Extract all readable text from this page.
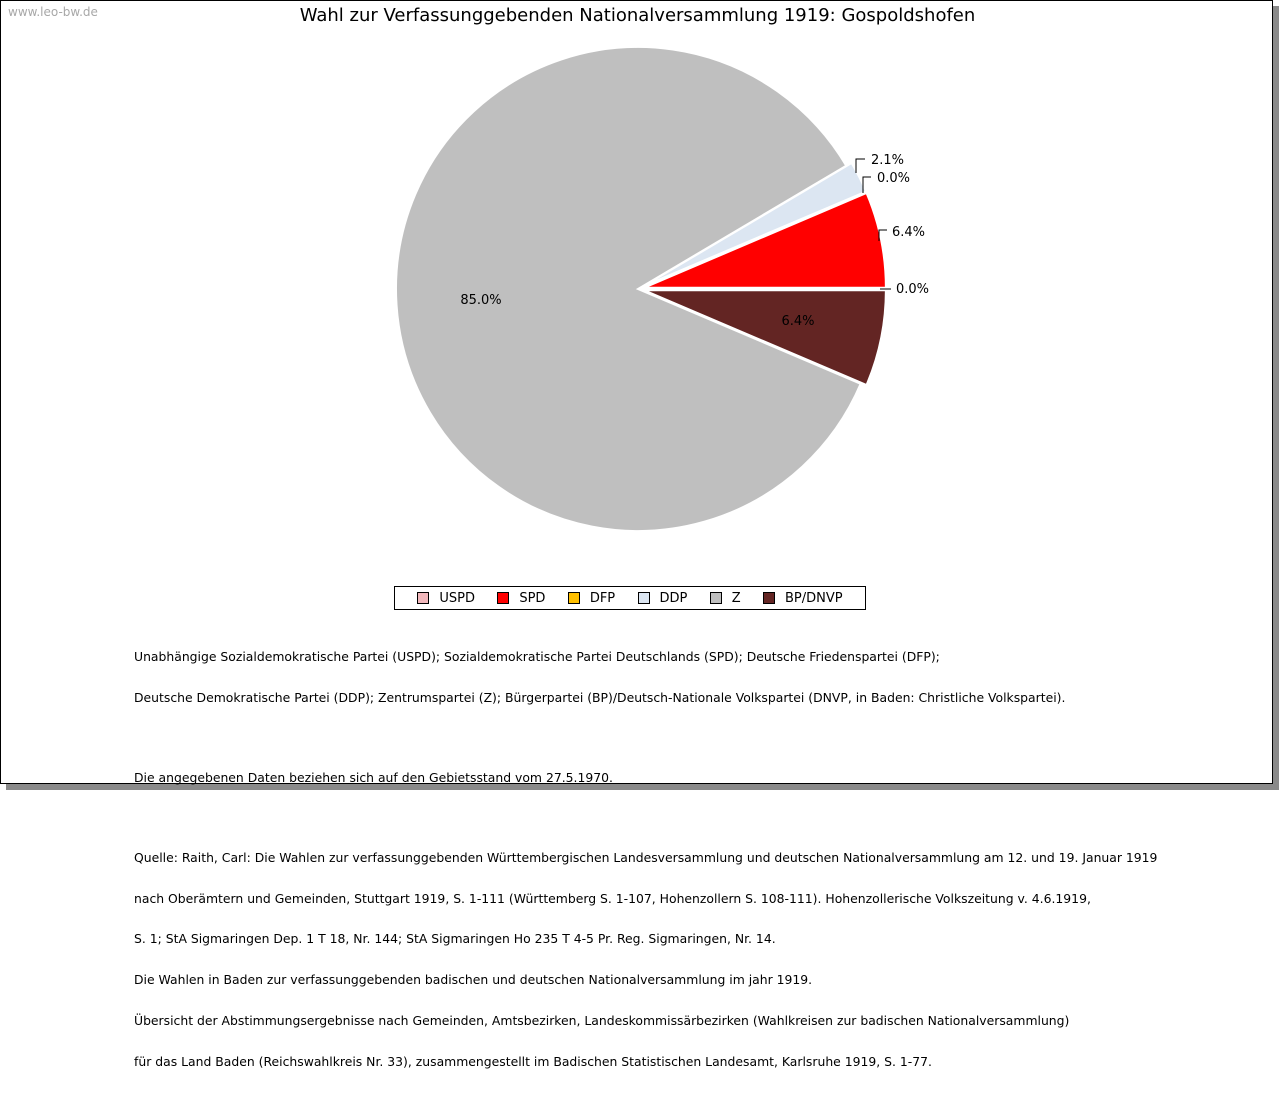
www.leo-bw.de	Wahl zur Verfassunggebenden Nationalversammlung 1919: Gospoldshofen
0.0%
6.4%
0.0%
2.1%
85.0%
6.4%
USPD	SPD	DFP	DDP	Z	BP/DNVP

Unabhängige Sozialdemokratische Partei (USPD); Sozialdemokratische Partei Deutschlands (SPD); Deutsche Friedenspartei (DFP);

Deutsche Demokratische Partei (DDP); Zentrumspartei (Z); Bürgerpartei (BP)/Deutsch-Nationale Volkspartei (DNVP, in Baden: Christliche Volkspartei).

Die angegebenen Daten beziehen sich auf den Gebietsstand vom 27.5.1970.

Quelle: Raith, Carl: Die Wahlen zur verfassunggebenden Württembergischen Landesversammlung und deutschen Nationalversammlung am 12. und 19. Januar 1919

nach Oberämtern und Gemeinden, Stuttgart 1919, S. 1-111 (Württemberg S. 1-107, Hohenzollern S. 108-111). Hohenzollerische Volkszeitung v. 4.6.1919,

S. 1; StA Sigmaringen Dep. 1 T 18, Nr. 144; StA Sigmaringen Ho 235 T 4-5 Pr. Reg. Sigmaringen, Nr. 14.

Die Wahlen in Baden zur verfassunggebenden badischen und deutschen Nationalversammlung im jahr 1919.

Übersicht der Abstimmungsergebnisse nach Gemeinden, Amtsbezirken, Landeskommissärbezirken (Wahlkreisen zur badischen Nationalversammlung)

für das Land Baden (Reichswahlkreis Nr. 33), zusammengestellt im Badischen Statistischen Landesamt, Karlsruhe 1919, S. 1-77.
